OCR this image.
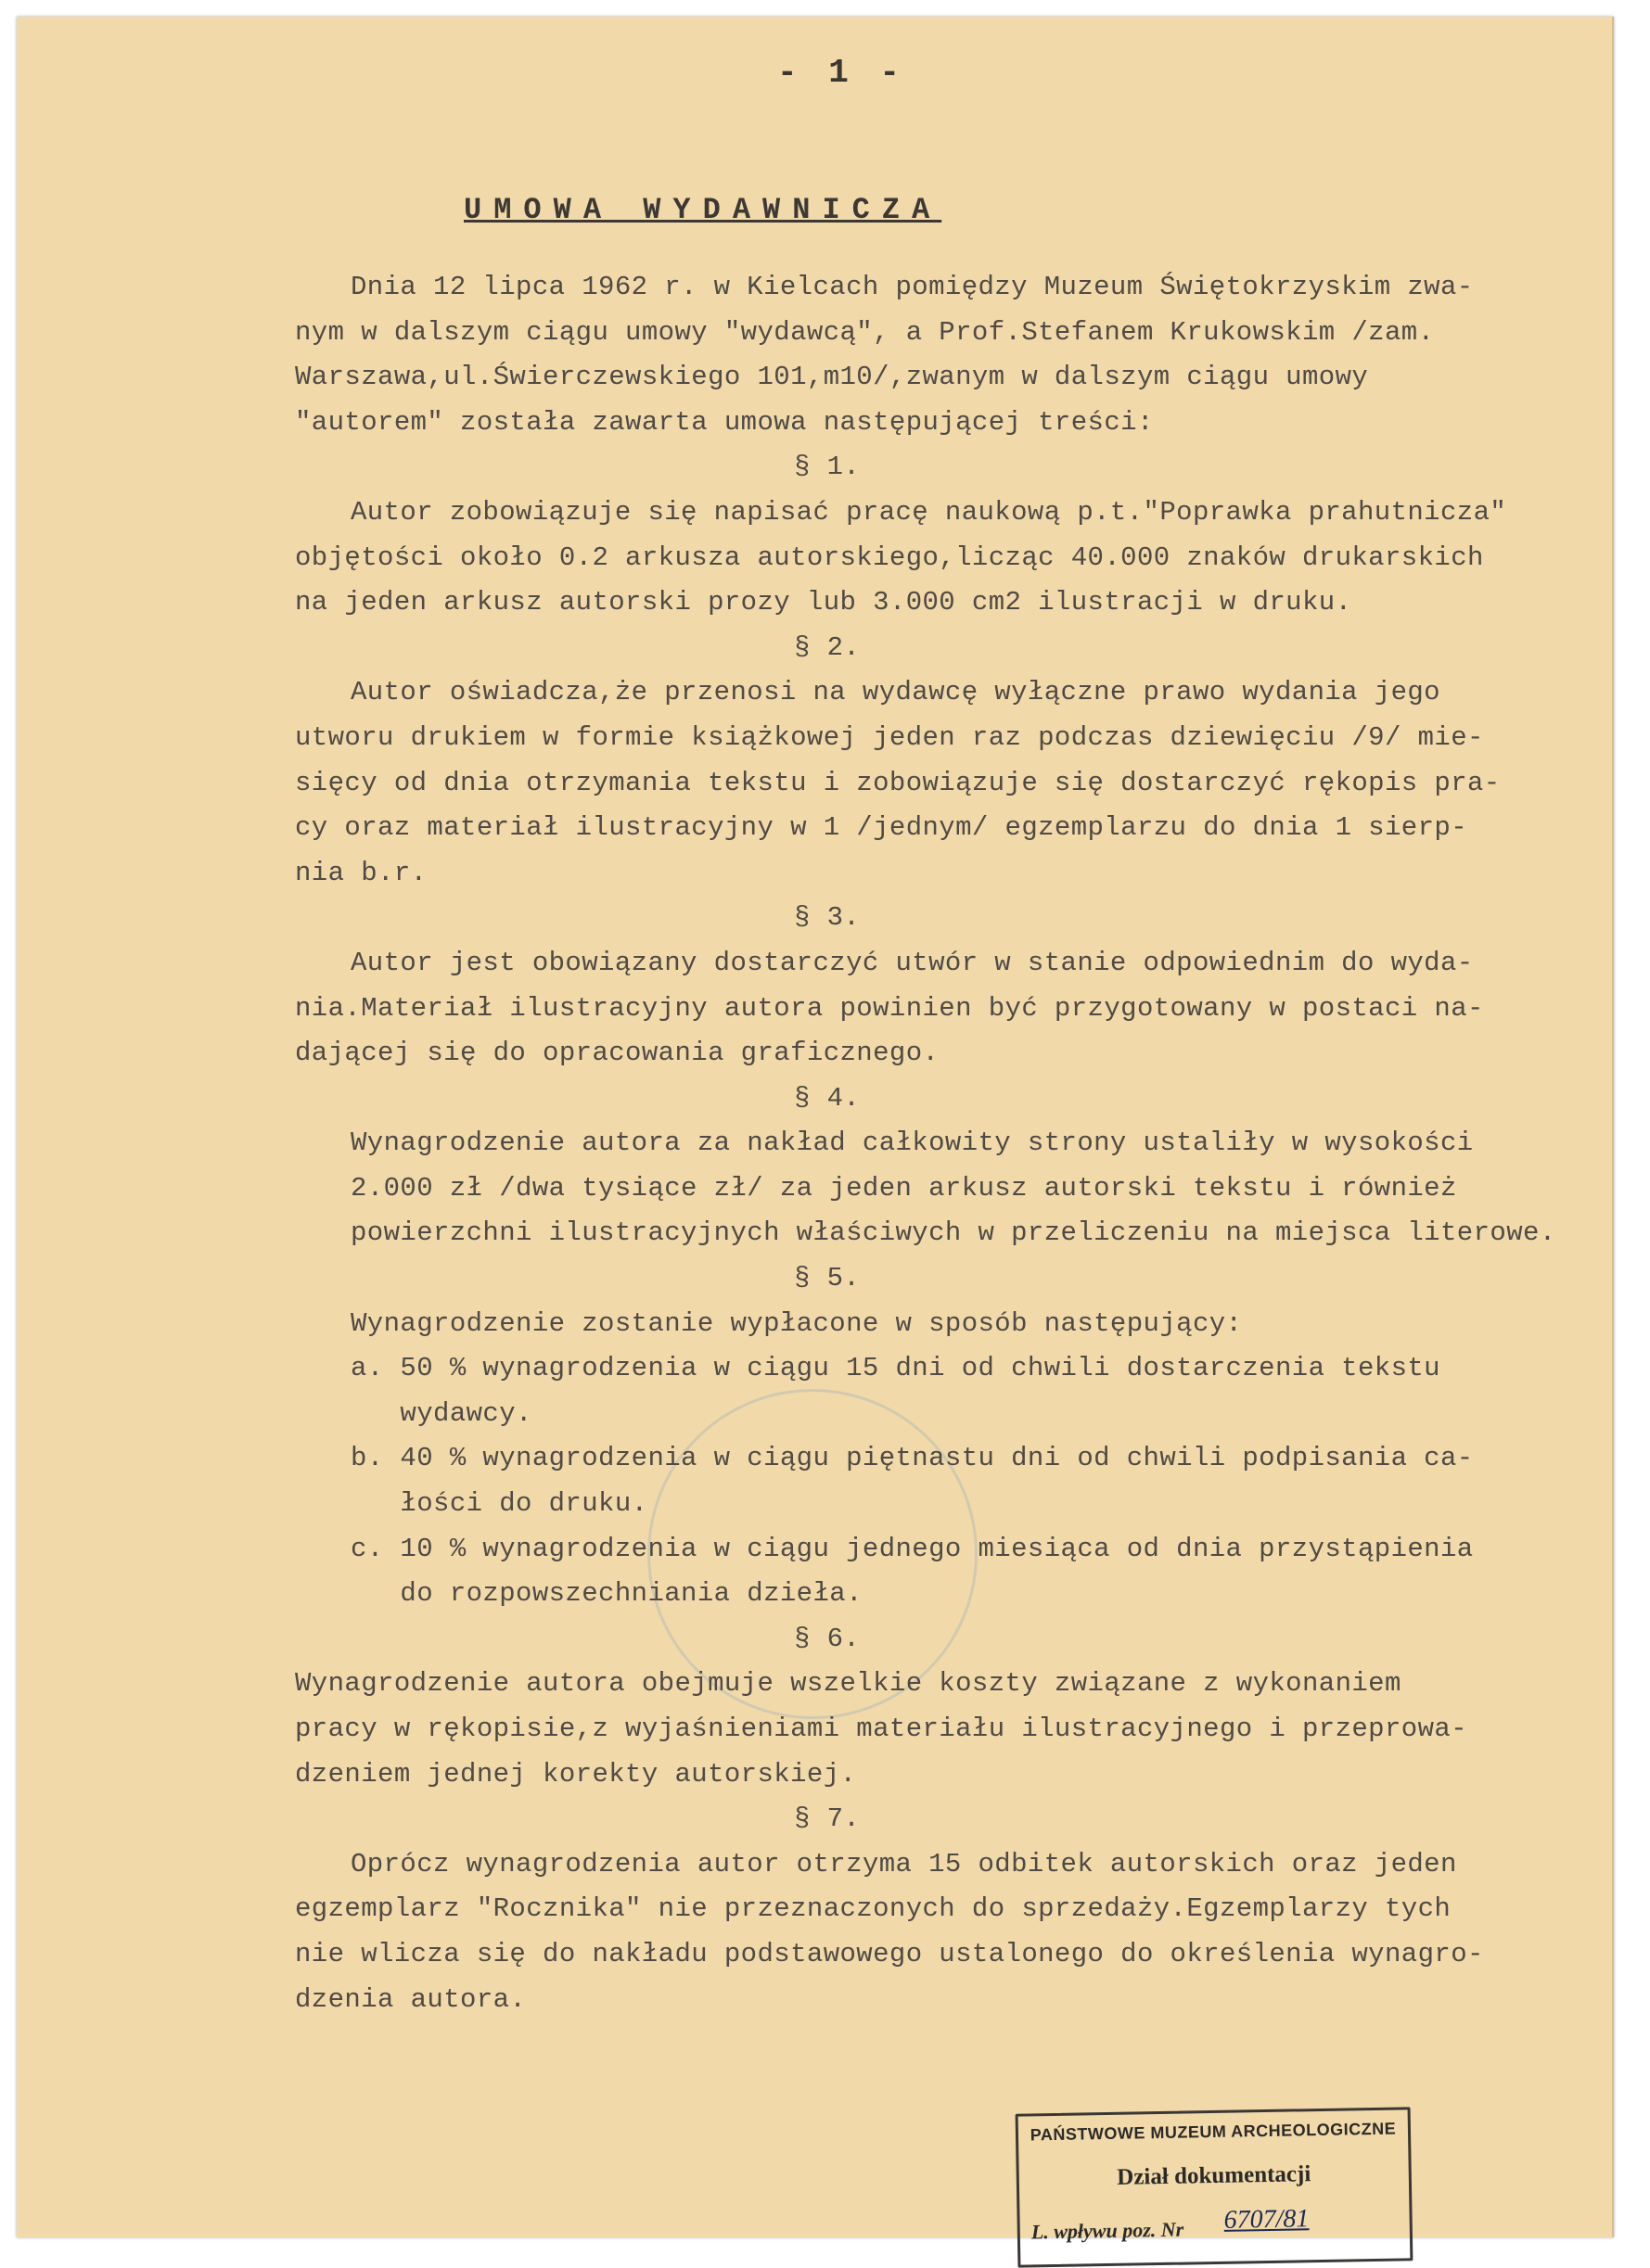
- 1 -
UMOWA WYDAWNICZA
Dnia 12 lipca 1962 r. w Kielcach pomiędzy Muzeum Świętokrzyskim zwa-
nym w dalszym ciągu umowy "wydawcą", a Prof.Stefanem Krukowskim /zam.
Warszawa,ul.Świerczewskiego 101,m10/,zwanym w dalszym ciągu umowy
"autorem" została zawarta umowa następującej treści:
§ 1.
Autor zobowiązuje się napisać pracę naukową p.t."Poprawka prahutnicza"
objętości około 0.2 arkusza autorskiego,licząc 40.000 znaków drukarskich
na jeden arkusz autorski prozy lub 3.000 cm2 ilustracji w druku.
§ 2.
Autor oświadcza,że przenosi na wydawcę wyłączne prawo wydania jego
utworu drukiem w formie książkowej jeden raz podczas dziewięciu /9/ mie-
sięcy od dnia otrzymania tekstu i zobowiązuje się dostarczyć rękopis pra-
cy oraz materiał ilustracyjny w 1 /jednym/ egzemplarzu do dnia 1 sierp-
nia b.r.
§ 3.
Autor jest obowiązany dostarczyć utwór w stanie odpowiednim do wyda-
nia.Materiał ilustracyjny autora powinien być przygotowany w postaci na-
dającej się do opracowania graficznego.
§ 4.
Wynagrodzenie autora za nakład całkowity strony ustaliły w wysokości
2.000 zł /dwa tysiące zł/ za jeden arkusz autorski tekstu i również
powierzchni ilustracyjnych właściwych w przeliczeniu na miejsca literowe.
§ 5.
Wynagrodzenie zostanie wypłacone w sposób następujący:
a. 50 % wynagrodzenia w ciągu 15 dni od chwili dostarczenia tekstu
wydawcy.
b. 40 % wynagrodzenia w ciągu piętnastu dni od chwili podpisania ca-
łości do druku.
c. 10 % wynagrodzenia w ciągu jednego miesiąca od dnia przystąpienia
do rozpowszechniania dzieła.
§ 6.
Wynagrodzenie autora obejmuje wszelkie koszty związane z wykonaniem
pracy w rękopisie,z wyjaśnieniami materiału ilustracyjnego i przeprowa-
dzeniem jednej korekty autorskiej.
§ 7.
Oprócz wynagrodzenia autor otrzyma 15 odbitek autorskich oraz jeden
egzemplarz "Rocznika" nie przeznaczonych do sprzedaży.Egzemplarzy tych
nie wlicza się do nakładu podstawowego ustalonego do określenia wynagro-
dzenia autora.
PAŃSTWOWE MUZEUM ARCHEOLOGICZNE
Dział dokumentacji
L. wpływu poz. Nr 6707/81
